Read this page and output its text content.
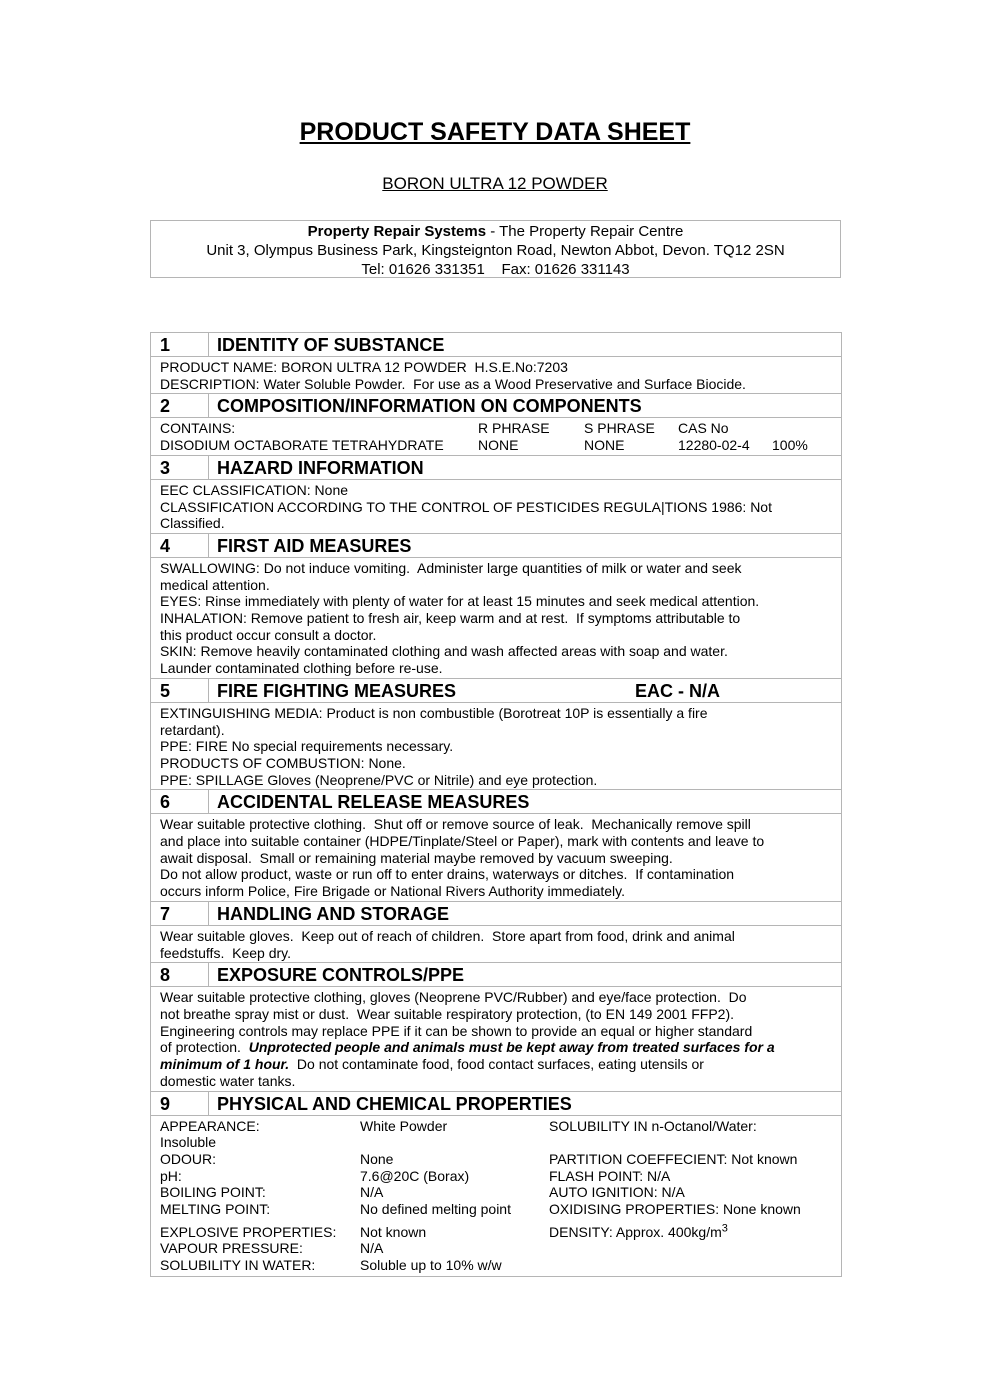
PRODUCT SAFETY DATA SHEET
BORON ULTRA 12 POWDER
Property Repair Systems - The Property Repair Centre
Unit 3, Olympus Business Park, Kingsteignton Road, Newton Abbot, Devon. TQ12 2SN
Tel: 01626 331351    Fax: 01626 331143
1	IDENTITY OF SUBSTANCE
PRODUCT NAME: BORON ULTRA 12 POWDER  H.S.E.No:7203
DESCRIPTION: Water Soluble Powder.  For use as a Wood Preservative and Surface Biocide.
2	COMPOSITION/INFORMATION ON COMPONENTS
CONTAINS:	R PHRASE	S PHRASE	CAS No
DISODIUM OCTABORATE TETRAHYDRATE	NONE	NONE	12280-02-4	100%
3	HAZARD INFORMATION
EEC CLASSIFICATION: None
CLASSIFICATION ACCORDING TO THE CONTROL OF PESTICIDES REGULA|TIONS 1986: Not
Classified.
4	FIRST AID MEASURES
SWALLOWING: Do not induce vomiting.  Administer large quantities of milk or water and seek
medical attention.
EYES: Rinse immediately with plenty of water for at least 15 minutes and seek medical attention.
INHALATION: Remove patient to fresh air, keep warm and at rest.  If symptoms attributable to
this product occur consult a doctor.
SKIN: Remove heavily contaminated clothing and wash affected areas with soap and water.
Launder contaminated clothing before re-use.
5	FIRE FIGHTING MEASURES	EAC - N/A
EXTINGUISHING MEDIA: Product is non combustible (Borotreat 10P is essentially a fire
retardant).
PPE: FIRE No special requirements necessary.
PRODUCTS OF COMBUSTION: None.
PPE: SPILLAGE Gloves (Neoprene/PVC or Nitrile) and eye protection.
6	ACCIDENTAL RELEASE MEASURES
Wear suitable protective clothing.  Shut off or remove source of leak.  Mechanically remove spill
and place into suitable container (HDPE/Tinplate/Steel or Paper), mark with contents and leave to
await disposal.  Small or remaining material maybe removed by vacuum sweeping.
Do not allow product, waste or run off to enter drains, waterways or ditches.  If contamination
occurs inform Police, Fire Brigade or National Rivers Authority immediately.
7	HANDLING AND STORAGE
Wear suitable gloves.  Keep out of reach of children.  Store apart from food, drink and animal
feedstuffs.  Keep dry.
8	EXPOSURE CONTROLS/PPE
Wear suitable protective clothing, gloves (Neoprene PVC/Rubber) and eye/face protection.  Do
not breathe spray mist or dust.  Wear suitable respiratory protection, (to EN 149 2001 FFP2).
Engineering controls may replace PPE if it can be shown to provide an equal or higher standard
of protection.  Unprotected people and animals must be kept away from treated surfaces for a
minimum of 1 hour.  Do not contaminate food, food contact surfaces, eating utensils or
domestic water tanks.
9	PHYSICAL AND CHEMICAL PROPERTIES
APPEARANCE:	White Powder	SOLUBILITY IN n-Octanol/Water:
Insoluble
ODOUR:	None	PARTITION COEFFECIENT: Not known
pH:	7.6@20C (Borax)	FLASH POINT: N/A
BOILING POINT:	N/A	AUTO IGNITION: N/A
MELTING POINT:	No defined melting point	OXIDISING PROPERTIES: None known
EXPLOSIVE PROPERTIES:	Not known	DENSITY: Approx. $400kg/m^3$
VAPOUR PRESSURE:	N/A
SOLUBILITY IN WATER:	Soluble up to 10% w/w
